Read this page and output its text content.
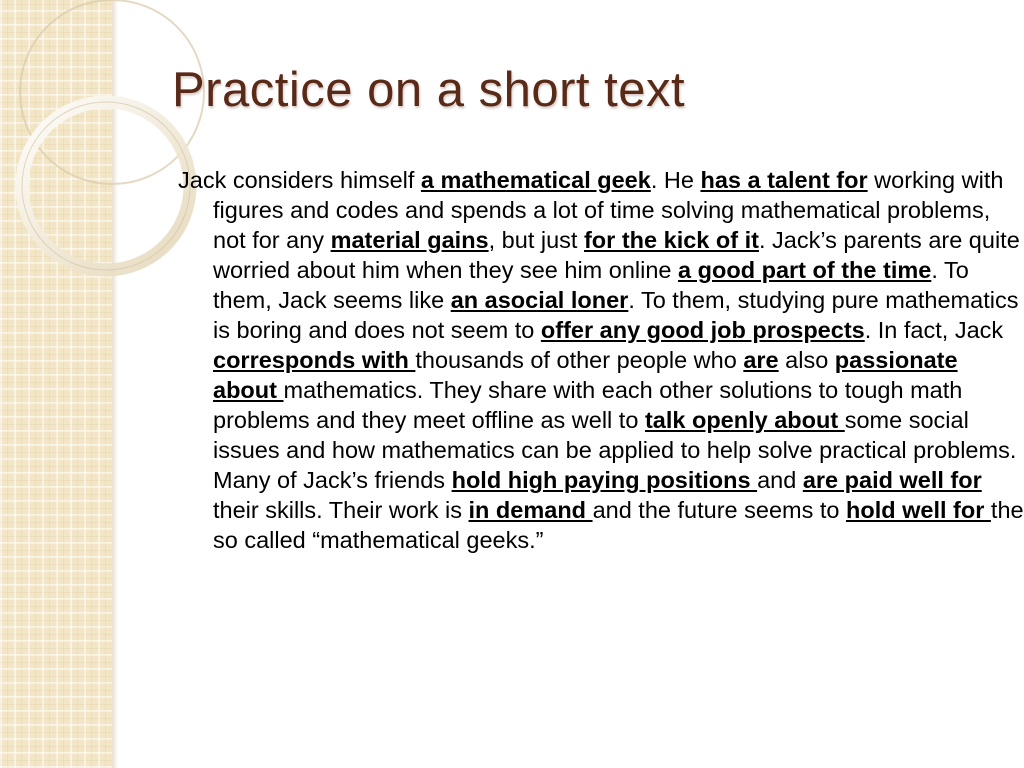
Practice on a short text

Jack considers himself a mathematical geek. He has a talent for working with figures and codes and spends a lot of time solving mathematical problems, not for any material gains, but just for the kick of it. Jack’s parents are quite worried about him when they see him online a good part of the time. To them, Jack seems like an asocial loner. To them, studying pure mathematics is boring and does not seem to offer any good job prospects. In fact, Jack corresponds with thousands of other people who are also passionate about mathematics. They share with each other solutions to tough math problems and they meet offline as well to talk openly about some social issues and how mathematics can be applied to help solve practical problems. Many of Jack’s friends hold high paying positions and are paid well for their skills. Their work is in demand and the future seems to hold well for the so called “mathematical geeks.”
